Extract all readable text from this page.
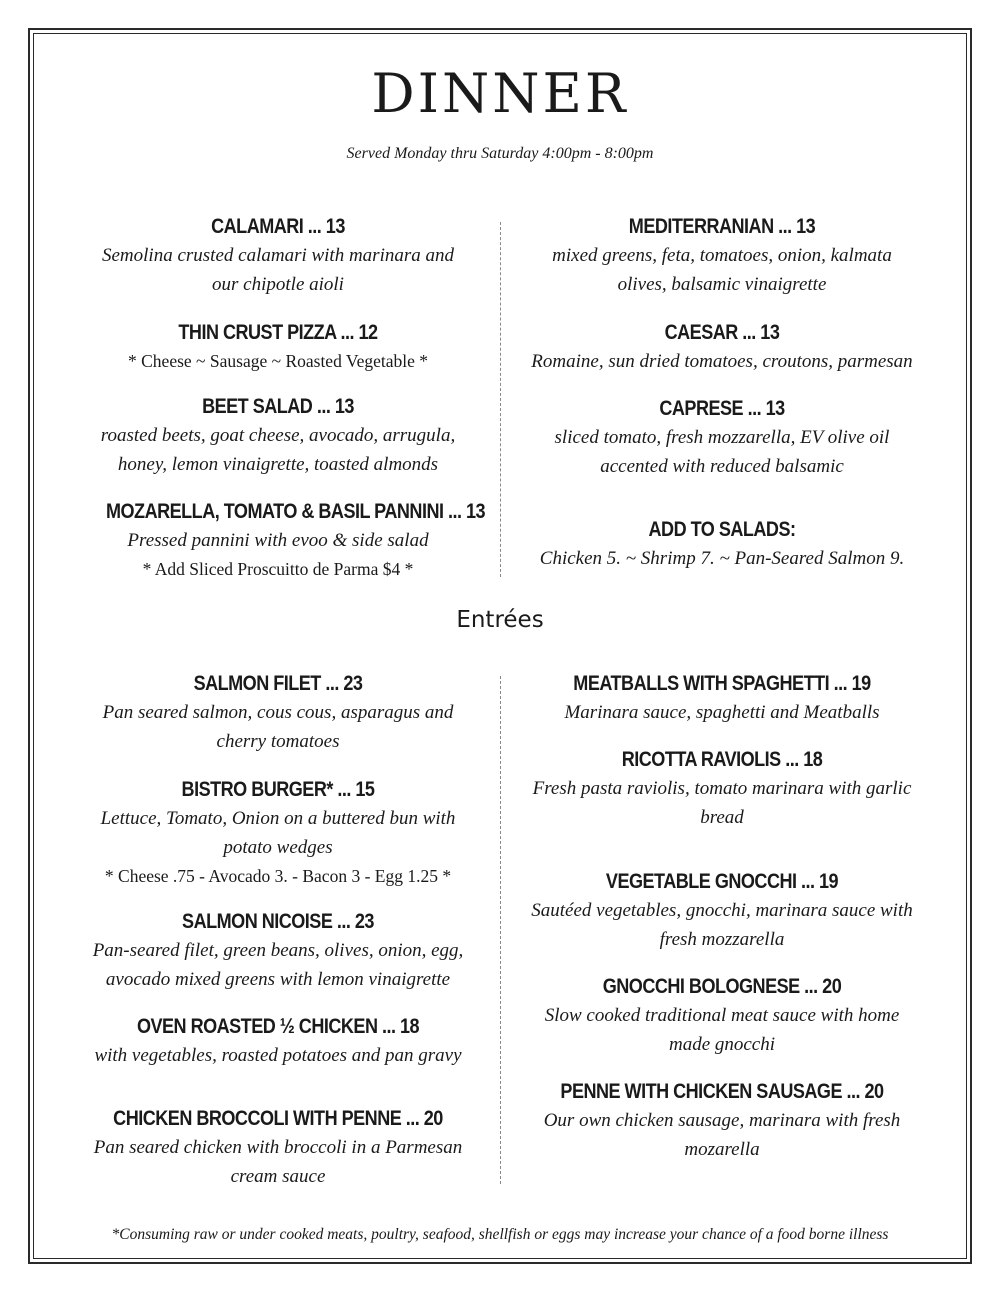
DINNER
Served Monday thru Saturday 4:00pm - 8:00pm
CALAMARI ... 13
Semolina crusted calamari with marinara and
our chipotle aioli
THIN CRUST PIZZA ... 12
* Cheese ~ Sausage ~ Roasted Vegetable *
BEET SALAD ... 13
roasted beets, goat cheese, avocado, arrugula,
honey, lemon vinaigrette, toasted almonds
MOZARELLA, TOMATO & BASIL PANNINI ... 13
Pressed pannini with evoo & side salad
* Add Sliced Proscuitto de Parma $4 *
MEDITERRANIAN ... 13
mixed greens, feta, tomatoes, onion, kalmata
olives, balsamic vinaigrette
CAESAR ... 13
Romaine, sun dried tomatoes, croutons, parmesan
CAPRESE ... 13
sliced tomato, fresh mozzarella, EV olive oil
accented with reduced balsamic
ADD TO SALADS:
Chicken 5. ~ Shrimp 7. ~ Pan-Seared Salmon 9.
Entrées
SALMON FILET ... 23
Pan seared salmon, cous cous, asparagus and
cherry tomatoes
BISTRO BURGER* ... 15
Lettuce, Tomato, Onion on a buttered bun with
potato wedges
* Cheese .75 - Avocado 3. - Bacon 3 - Egg 1.25 *
SALMON NICOISE ... 23
Pan-seared filet, green beans, olives, onion, egg,
avocado mixed greens with lemon vinaigrette
OVEN ROASTED ½ CHICKEN ... 18
with vegetables, roasted potatoes and pan gravy
CHICKEN BROCCOLI WITH PENNE ... 20
Pan seared chicken with broccoli in a Parmesan
cream sauce
MEATBALLS WITH SPAGHETTI ... 19
Marinara sauce, spaghetti and Meatballs
RICOTTA RAVIOLIS ... 18
Fresh pasta raviolis, tomato marinara with garlic
bread
VEGETABLE GNOCCHI ... 19
Sautéed vegetables, gnocchi, marinara sauce with
fresh mozzarella
GNOCCHI BOLOGNESE ... 20
Slow cooked traditional meat sauce with home
made gnocchi
PENNE WITH CHICKEN SAUSAGE ... 20
Our own chicken sausage, marinara with fresh
mozarella
*Consuming raw or under cooked meats, poultry, seafood, shellfish or eggs may increase your chance of a food borne illness
